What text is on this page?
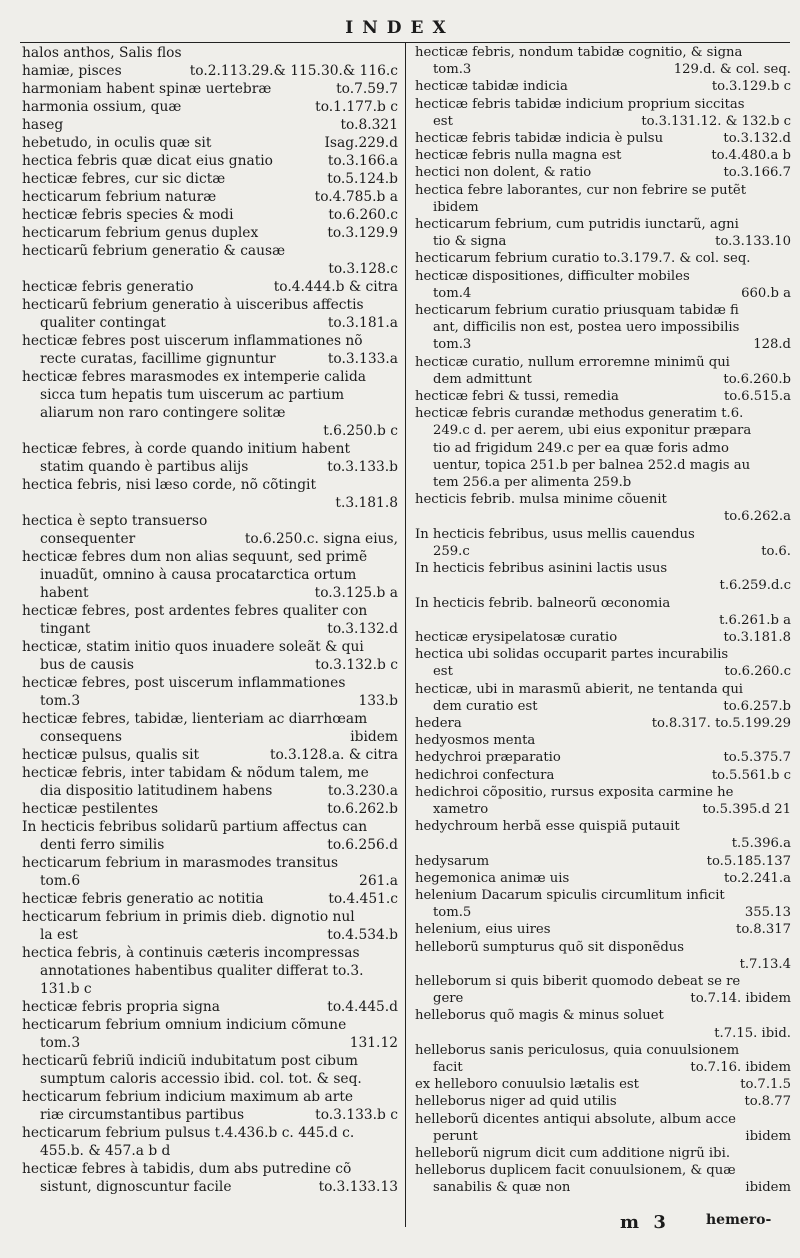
INDEX
halos anthos, Salis flos
hamiæ, pisces	to.2.113.29.& 115.30.& 116.c
harmoniam habent spinæ uertebræ	to.7.59.7
harmonia ossium, quæ	to.1.177.b c
haseg	to.8.321
hebetudo, in oculis quæ sit	Isag.229.d
hectica febris quæ dicat eius gnatio	to.3.166.a
hecticæ febres, cur sic dictæ	to.5.124.b
hecticarum febrium naturæ	to.4.785.b a
hecticæ febris species & modi	to.6.260.c
hecticarum febrium genus duplex	to.3.129.9
hecticarũ febrium generatio & causæ
to.3.128.c
hecticæ febris generatio	to.4.444.b & citra
hecticarũ febrium generatio à uisceribus affectis
qualiter contingat	to.3.181.a
hecticæ febres post uiscerum inflammationes nõ
recte curatas, facillime gignuntur	to.3.133.a
hecticæ febres marasmodes ex intemperie calida
sicca tum hepatis tum uiscerum ac partium
aliarum non raro contingere solitæ
t.6.250.b c
hecticæ febres, à corde quando initium habent
statim quando è partibus alijs	to.3.133.b
hectica febris, nisi læso corde, nõ cõtingit
t.3.181.8
hectica è septo transuerso
consequenter	to.6.250.c. signa eius,
hecticæ febres dum non alias sequunt, sed primẽ
inuadũt, omnino à causa procatarctica ortum
habent	to.3.125.b a
hecticæ febres, post ardentes febres qualiter con
tingant	to.3.132.d
hecticæ, statim initio quos inuadere soleãt & qui
bus de causis	to.3.132.b c
hecticæ febres, post uiscerum inflammationes
tom.3	133.b
hecticæ febres, tabidæ, lienteriam ac diarrhœam
consequens	ibidem
hecticæ pulsus, qualis sit	to.3.128.a. & citra
hecticæ febris, inter tabidam & nõdum talem, me
dia dispositio latitudinem habens	to.3.230.a
hecticæ pestilentes	to.6.262.b
In hecticis febribus solidarũ partium affectus can
denti ferro similis	to.6.256.d
hecticarum febrium in marasmodes transitus
tom.6	261.a
hecticæ febris generatio ac notitia	to.4.451.c
hecticarum febrium in primis dieb. dignotio nul
la est	to.4.534.b
hectica febris, à continuis cæteris incompressas
annotationes habentibus qualiter differat to.3.
131.b c
hecticæ febris propria signa	to.4.445.d
hecticarum febrium omnium indicium cõmune
tom.3	131.12
hecticarũ febriũ indiciũ indubitatum post cibum
sumptum caloris accessio ibid. col. tot. & seq.
hecticarum febrium indicium maximum ab arte
riæ circumstantibus partibus	to.3.133.b c
hecticarum febrium pulsus t.4.436.b c. 445.d c.
455.b. & 457.a b d
hecticæ febres à tabidis, dum abs putredine cõ
sistunt, dignoscuntur facile	to.3.133.13
hecticæ febris, nondum tabidæ cognitio, & signa
tom.3	129.d. & col. seq.
hecticæ tabidæ indicia	to.3.129.b c
hecticæ febris tabidæ indicium proprium siccitas
est	to.3.131.12. & 132.b c
hecticæ febris tabidæ indicia è pulsu	to.3.132.d
hecticæ febris nulla magna est	to.4.480.a b
hectici non dolent, & ratio	to.3.166.7
hectica febre laborantes, cur non febrire se putẽt
ibidem
hecticarum febrium, cum putridis iunctarũ, agni
tio & signa	to.3.133.10
hecticarum febrium curatio to.3.179.7. & col. seq.
hecticæ dispositiones, difficulter mobiles
tom.4	660.b a
hecticarum febrium curatio priusquam tabidæ fi
ant, difficilis non est, postea uero impossibilis
tom.3	128.d
hecticæ curatio, nullum erroremne minimũ qui
dem admittunt	to.6.260.b
hecticæ febri & tussi, remedia	to.6.515.a
hecticæ febris curandæ methodus generatim t.6.
249.c d. per aerem, ubi eius exponitur præpara
tio ad frigidum 249.c per ea quæ foris admo
uentur, topica 251.b per balnea 252.d magis au
tem 256.a per alimenta 259.b
hecticis febrib. mulsa minime cõuenit
to.6.262.a
In hecticis febribus, usus mellis cauendus
259.c	to.6.
In hecticis febribus asinini lactis usus
t.6.259.d.c
In hecticis febrib. balneorũ œconomia
t.6.261.b a
hecticæ erysipelatosæ curatio	to.3.181.8
hectica ubi solidas occuparit partes incurabilis
est	to.6.260.c
hecticæ, ubi in marasmũ abierit, ne tentanda qui
dem curatio est	to.6.257.b
hedera	to.8.317. to.5.199.29
hedyosmos menta
hedychroi præparatio	to.5.375.7
hedichroi confectura	to.5.561.b c
hedichroi cõpositio, rursus exposita carmine he
xametro	to.5.395.d 21
hedychroum herbã esse quispiã putauit
t.5.396.a
hedysarum	to.5.185.137
hegemonica animæ uis	to.2.241.a
helenium Dacarum spiculis circumlitum inficit
tom.5	355.13
helenium, eius uires	to.8.317
helleborũ sumpturus quõ sit disponẽdus
t.7.13.4
helleborum si quis biberit quomodo debeat se re
gere	to.7.14. ibidem
helleborus quõ magis & minus soluet
t.7.15. ibid.
helleborus sanis periculosus, quia conuulsionem
facit	to.7.16. ibidem
ex helleboro conuulsio lætalis est	to.7.1.5
helleborus niger ad quid utilis	to.8.77
helleborũ dicentes antiqui absolute, album acce
perunt	ibidem
helleborũ nigrum dicit cum additione nigrũ ibi.
helleborus duplicem facit conuulsionem, & quæ
sanabilis & quæ non	ibidem
m 3	hemero-
